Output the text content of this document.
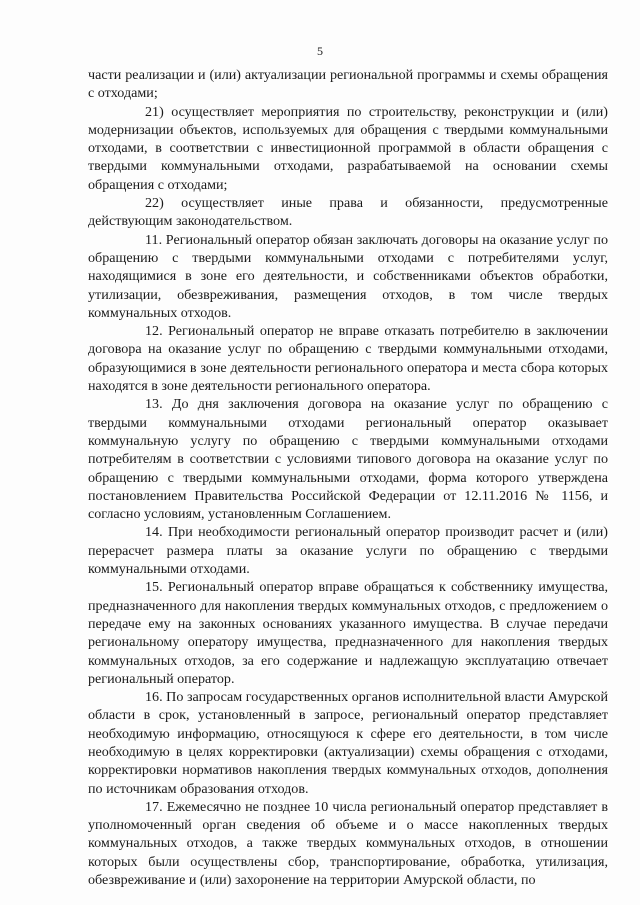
5

части реализации и (или) актуализации региональной программы и схемы обращения с отходами;

21) осуществляет мероприятия по строительству, реконструкции и (или) модернизации объектов, используемых для обращения с твердыми коммунальными отходами, в соответствии с инвестиционной программой в области обращения с твердыми коммунальными отходами, разрабатываемой на основании схемы обращения с отходами;

22) осуществляет иные права и обязанности, предусмотренные действующим законодательством.

11. Региональный оператор обязан заключать договоры на оказание услуг по обращению с твердыми коммунальными отходами с потребителями услуг, находящимися в зоне его деятельности, и собственниками объектов обработки, утилизации, обезвреживания, размещения отходов, в том числе твердых коммунальных отходов.

12. Региональный оператор не вправе отказать потребителю в заключении договора на оказание услуг по обращению с твердыми коммунальными отходами, образующимися в зоне деятельности регионального оператора и места сбора которых находятся в зоне деятельности регионального оператора.

13. До дня заключения договора на оказание услуг по обращению с твердыми коммунальными отходами региональный оператор оказывает коммунальную услугу по обращению с твердыми коммунальными отходами потребителям в соответствии с условиями типового договора на оказание услуг по обращению с твердыми коммунальными отходами, форма которого утверждена постановлением Правительства Российской Федерации от 12.11.2016 № 1156, и согласно условиям, установленным Соглашением.

14. При необходимости региональный оператор производит расчет и (или) перерасчет размера платы за оказание услуги по обращению с твердыми коммунальными отходами.

15. Региональный оператор вправе обращаться к собственнику имущества, предназначенного для накопления твердых коммунальных отходов, с предложением о передаче ему на законных основаниях указанного имущества. В случае передачи региональному оператору имущества, предназначенного для накопления твердых коммунальных отходов, за его содержание и надлежащую эксплуатацию отвечает региональный оператор.

16. По запросам государственных органов исполнительной власти Амурской области в срок, установленный в запросе, региональный оператор представляет необходимую информацию, относящуюся к сфере его деятельности, в том числе необходимую в целях корректировки (актуализации) схемы обращения с отходами, корректировки нормативов накопления твердых коммунальных отходов, дополнения по источникам образования отходов.

17. Ежемесячно не позднее 10 числа региональный оператор представляет в уполномоченный орган сведения об объеме и о массе накопленных твердых коммунальных отходов, а также твердых коммунальных отходов, в отношении которых были осуществлены сбор, транспортирование, обработка, утилизация, обезвреживание и (или) захоронение на территории Амурской области, по
